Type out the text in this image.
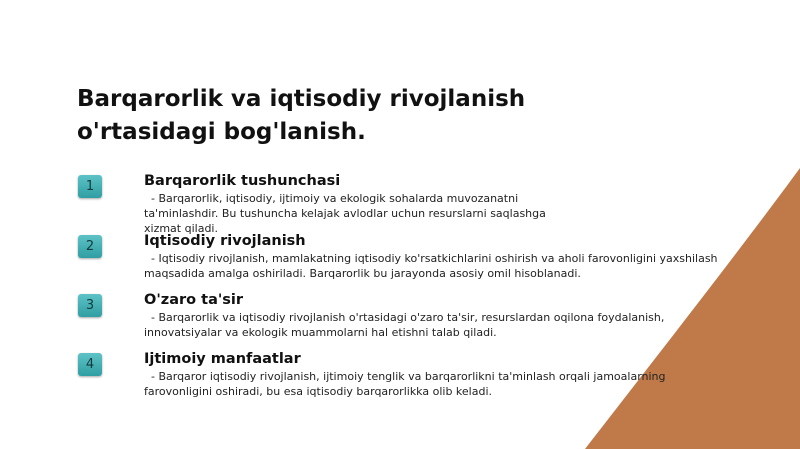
Barqarorlik va iqtisodiy rivojlanish o'rtasidagi bog'lanish.
1	Barqarorlik tushunchasi
- Barqarorlik, iqtisodiy, ijtimoiy va ekologik sohalarda muvozanatni
ta'minlashdir. Bu tushuncha kelajak avlodlar uchun resurslarni saqlashga
xizmat qiladi.
2	Iqtisodiy rivojlanish
- Iqtisodiy rivojlanish, mamlakatning iqtisodiy ko'rsatkichlarini oshirish va aholi farovonligini yaxshilash
maqsadida amalga oshiriladi. Barqarorlik bu jarayonda asosiy omil hisoblanadi.
3	O'zaro ta'sir
- Barqarorlik va iqtisodiy rivojlanish o'rtasidagi o'zaro ta'sir, resurslardan oqilona foydalanish,
innovatsiyalar va ekologik muammolarni hal etishni talab qiladi.
4	Ijtimoiy manfaatlar
- Barqaror iqtisodiy rivojlanish, ijtimoiy tenglik va barqarorlikni ta'minlash orqali jamoalarning
farovonligini oshiradi, bu esa iqtisodiy barqarorlikka olib keladi.
